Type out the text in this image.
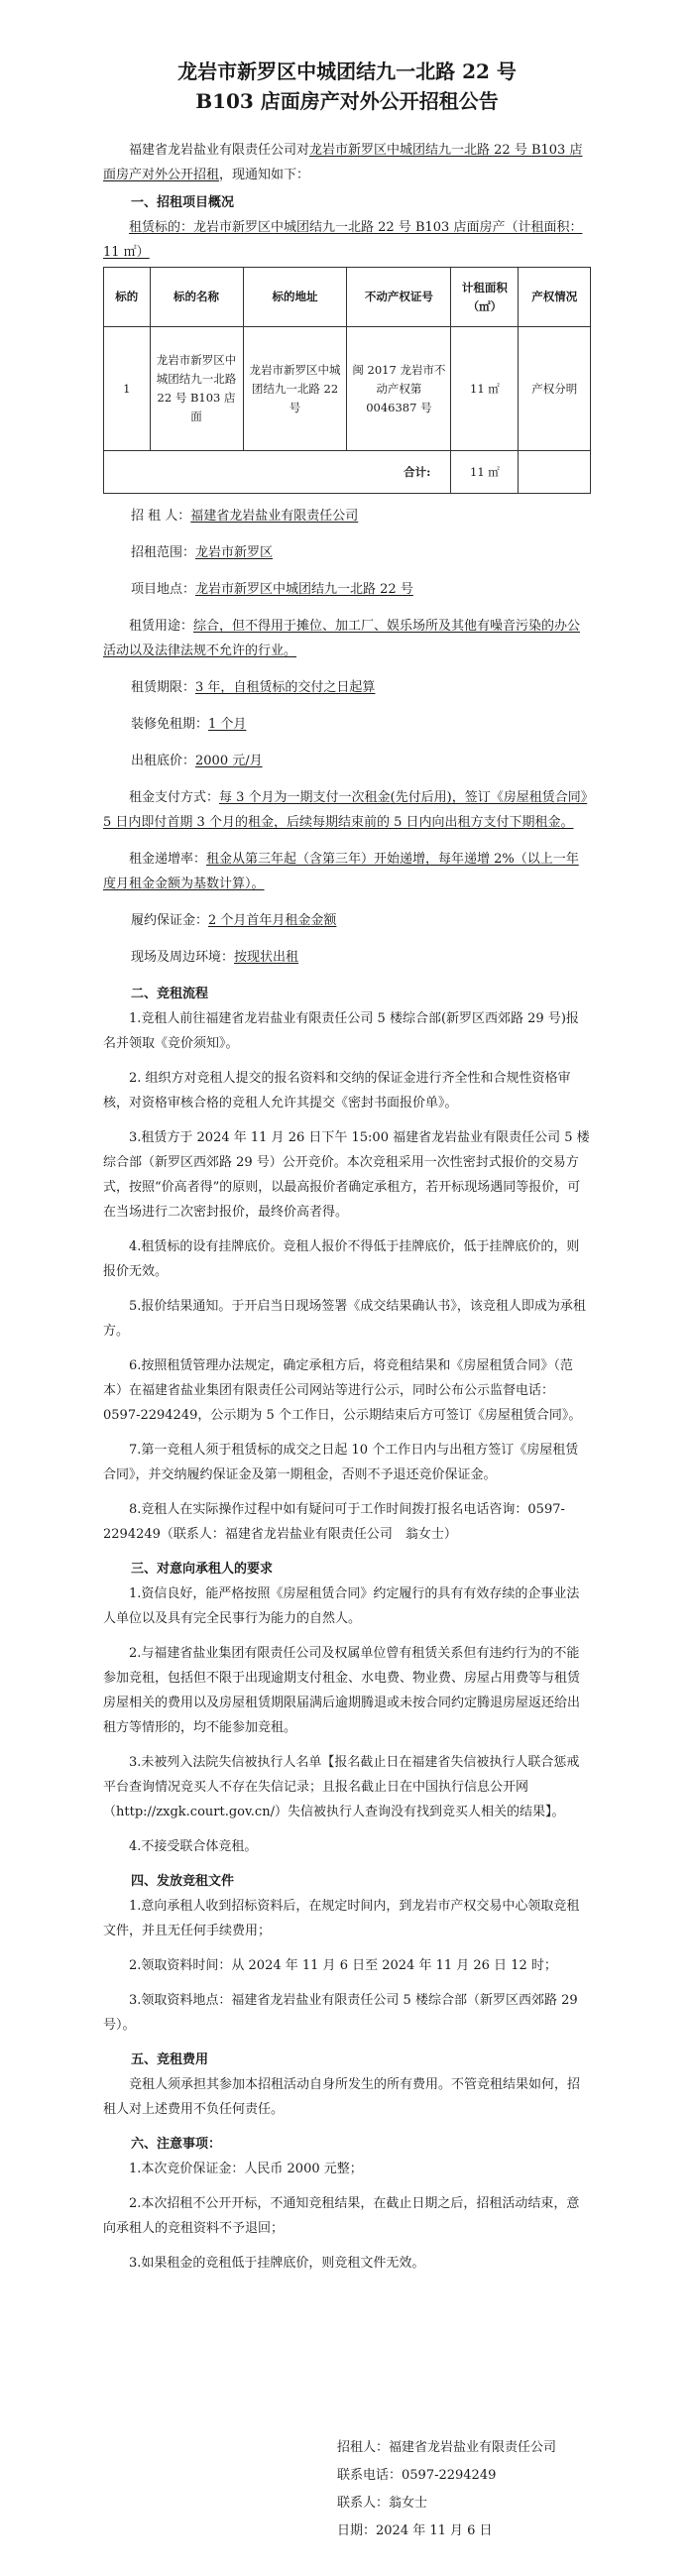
龙岩市新罗区中城团结九一北路 22 号
B103 店面房产对外公开招租公告

福建省龙岩盐业有限责任公司对龙岩市新罗区中城团结九一北路 22 号 B103 店面房产对外公开招租，现通知如下：

一、招租项目概况

租赁标的：龙岩市新罗区中城团结九一北路 22 号 B103 店面房产（计租面积：11 ㎡）

标的	标的名称	标的地址	不动产权证号	计租面积（㎡）	产权情况
1	龙岩市新罗区中城团结九一北路 22 号 B103 店面	龙岩市新罗区中城团结九一北路 22 号	闽 2017 龙岩市不动产权第 0046387 号	11 ㎡	产权分明
合计:				11 ㎡	

招 租 人：福建省龙岩盐业有限责任公司

招租范围：龙岩市新罗区

项目地点：龙岩市新罗区中城团结九一北路 22 号

租赁用途：综合，但不得用于摊位、加工厂、娱乐场所及其他有噪音污染的办公活动以及法律法规不允许的行业。

租赁期限：3 年，自租赁标的交付之日起算

装修免租期：1 个月

出租底价：2000 元/月

租金支付方式：每 3 个月为一期支付一次租金(先付后用)，签订《房屋租赁合同》5 日内即付首期 3 个月的租金，后续每期结束前的 5 日内向出租方支付下期租金。

租金递增率：租金从第三年起（含第三年）开始递增，每年递增 2%（以上一年度月租金金额为基数计算）。

履约保证金：2 个月首年月租金金额

现场及周边环境：按现状出租

二、竞租流程

1.竞租人前往福建省龙岩盐业有限责任公司 5 楼综合部(新罗区西郊路 29 号)报名并领取《竞价须知》。

2. 组织方对竞租人提交的报名资料和交纳的保证金进行齐全性和合规性资格审核，对资格审核合格的竞租人允许其提交《密封书面报价单》。

3.租赁方于 2024 年 11 月 26 日下午 15:00 福建省龙岩盐业有限责任公司 5 楼综合部（新罗区西郊路 29 号）公开竞价。本次竞租采用一次性密封式报价的交易方式，按照“价高者得”的原则，以最高报价者确定承租方，若开标现场遇同等报价，可在当场进行二次密封报价，最终价高者得。

4.租赁标的设有挂牌底价。竞租人报价不得低于挂牌底价，低于挂牌底价的，则报价无效。

5.报价结果通知。于开启当日现场签署《成交结果确认书》，该竞租人即成为承租方。

6.按照租赁管理办法规定，确定承租方后，将竞租结果和《房屋租赁合同》（范本）在福建省盐业集团有限责任公司网站等进行公示，同时公布公示监督电话：0597-2294249，公示期为 5 个工作日，公示期结束后方可签订《房屋租赁合同》。

7.第一竞租人须于租赁标的成交之日起 10 个工作日内与出租方签订《房屋租赁合同》，并交纳履约保证金及第一期租金，否则不予退还竞价保证金。

8.竞租人在实际操作过程中如有疑问可于工作时间拨打报名电话咨询：0597-2294249（联系人：福建省龙岩盐业有限责任公司　翁女士）

三、对意向承租人的要求

1.资信良好，能严格按照《房屋租赁合同》约定履行的具有有效存续的企事业法人单位以及具有完全民事行为能力的自然人。

2.与福建省盐业集团有限责任公司及权属单位曾有租赁关系但有违约行为的不能参加竞租，包括但不限于出现逾期支付租金、水电费、物业费、房屋占用费等与租赁房屋相关的费用以及房屋租赁期限届满后逾期腾退或未按合同约定腾退房屋返还给出租方等情形的，均不能参加竞租。

3.未被列入法院失信被执行人名单【报名截止日在福建省失信被执行人联合惩戒平台查询情况竞买人不存在失信记录；且报名截止日在中国执行信息公开网（http://zxgk.court.gov.cn/）失信被执行人查询没有找到竞买人相关的结果】。

4.不接受联合体竞租。

四、发放竞租文件

1.意向承租人收到招标资料后，在规定时间内，到龙岩市产权交易中心领取竞租文件，并且无任何手续费用；

2.领取资料时间：从 2024 年 11 月 6 日至 2024 年 11 月 26 日 12 时；

3.领取资料地点：福建省龙岩盐业有限责任公司 5 楼综合部（新罗区西郊路 29 号）。

五、竞租费用

竞租人须承担其参加本招租活动自身所发生的所有费用。不管竞租结果如何，招租人对上述费用不负任何责任。

六、注意事项：

1.本次竞价保证金：人民币 2000 元整；

2.本次招租不公开开标，不通知竞租结果，在截止日期之后，招租活动结束，意向承租人的竞租资料不予退回；

3.如果租金的竞租低于挂牌底价，则竞租文件无效。

招租人：福建省龙岩盐业有限责任公司
联系电话：0597-2294249
联系人：翁女士
日期：2024 年 11 月 6 日
